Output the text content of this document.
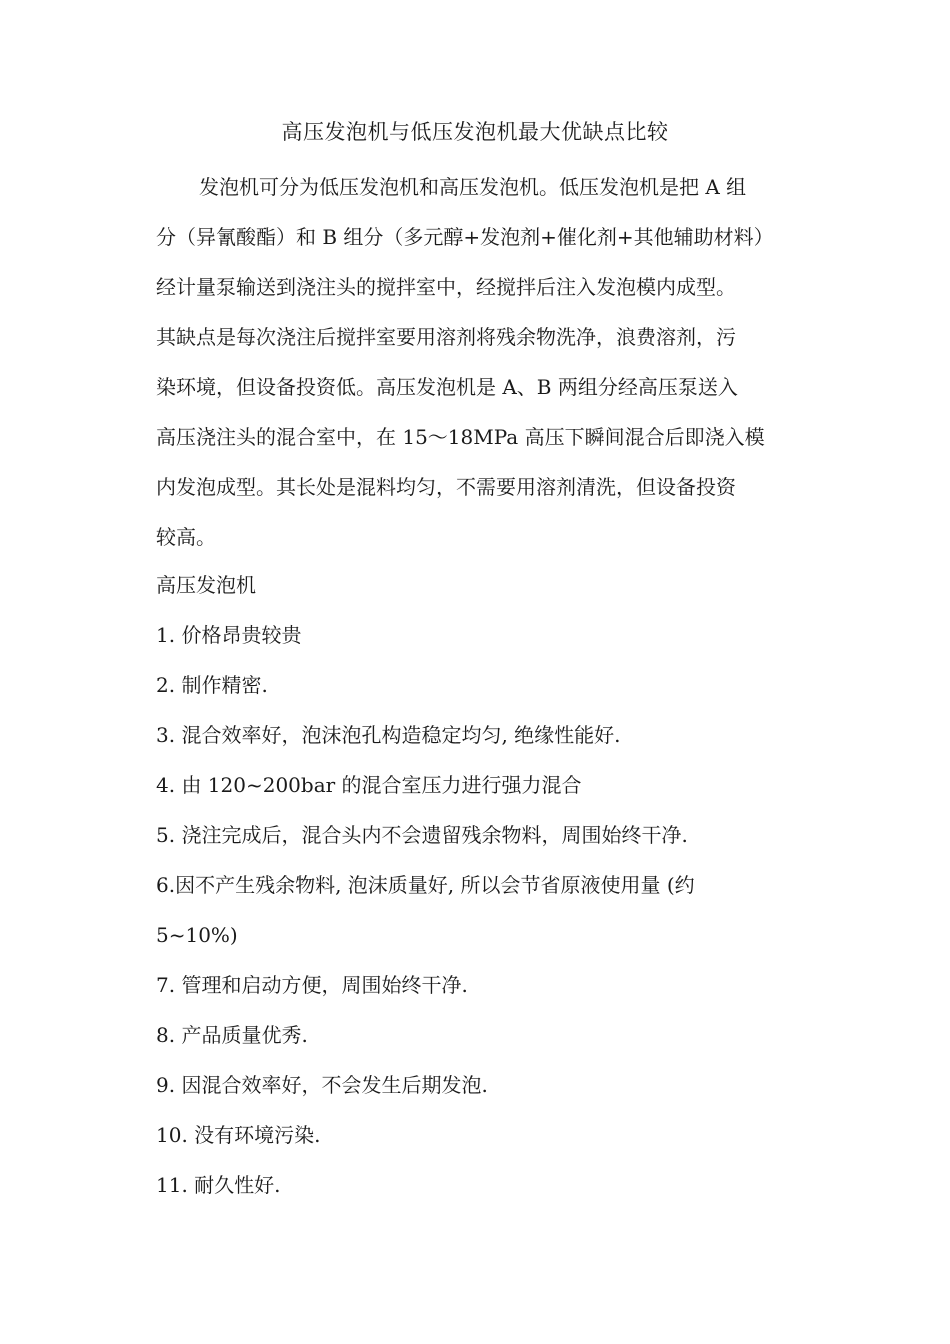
高压发泡机与低压发泡机最大优缺点比较
发泡机可分为低压发泡机和高压发泡机。低压发泡机是把 A 组
分（异氰酸酯）和 B 组分（多元醇+发泡剂+催化剂+其他辅助材料）
经计量泵输送到浇注头的搅拌室中，经搅拌后注入发泡模内成型。
其缺点是每次浇注后搅拌室要用溶剂将残余物洗净，浪费溶剂，污
染环境，但设备投资低。高压发泡机是 A、B 两组分经高压泵送入
高压浇注头的混合室中，在 15～18MPa 高压下瞬间混合后即浇入模
内发泡成型。其长处是混料均匀，不需要用溶剂清洗，但设备投资
较高。
高压发泡机
1. 价格昂贵较贵
2. 制作精密.
3. 混合效率好，泡沫泡孔构造稳定均匀, 绝缘性能好.
4. 由 120~200bar 的混合室压力进行强力混合
5. 浇注完成后，混合头内不会遗留残余物料，周围始终干净.
6.因不产生残余物料, 泡沫质量好, 所以会节省原液使用量 (约
5~10%)
7. 管理和启动方便，周围始终干净.
8. 产品质量优秀.
9. 因混合效率好，不会发生后期发泡.
10. 没有环境污染.
11. 耐久性好.
